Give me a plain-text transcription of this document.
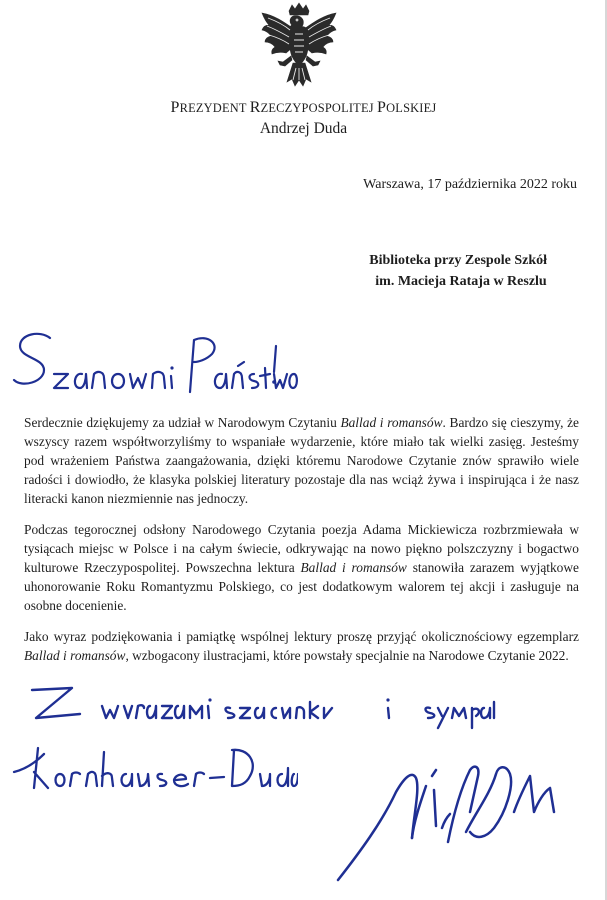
PREZYDENT RZECZYPOSPOLITEJ POLSKIEJ
Andrzej Duda
Warszawa, 17 października 2022 roku
Biblioteka przy Zespole Szkół
im. Macieja Rataja w Reszlu
Serdecznie dziękujemy za udział w Narodowym Czytaniu Ballad i romansów. Bardzo się cieszymy, że wszyscy razem współtworzyliśmy to wspaniałe wydarzenie, które miało tak wielki zasięg. Jesteśmy pod wrażeniem Państwa zaangażowania, dzięki któremu Narodowe Czytanie znów sprawiło wiele radości i dowiodło, że klasyka polskiej literatury pozostaje dla nas wciąż żywa i inspirująca i że nasz literacki kanon niezmiennie nas jednoczy.
Podczas tegorocznej odsłony Narodowego Czytania poezja Adama Mickiewicza rozbrzmiewała w tysiącach miejsc w Polsce i na całym świecie, odkrywając na nowo piękno polszczyzny i bogactwo kulturowe Rzeczypospolitej. Powszechna lektura Ballad i romansów stanowiła zarazem wyjątkowe uhonorowanie Roku Romantyzmu Polskiego, co jest dodatkowym walorem tej akcji i zasługuje na osobne docenienie.
Jako wyraz podziękowania i pamiątkę wspólnej lektury proszę przyjąć okolicznościowy egzemplarz Ballad i romansów, wzbogacony ilustracjami, które powstały specjalnie na Narodowe Czytanie 2022.
